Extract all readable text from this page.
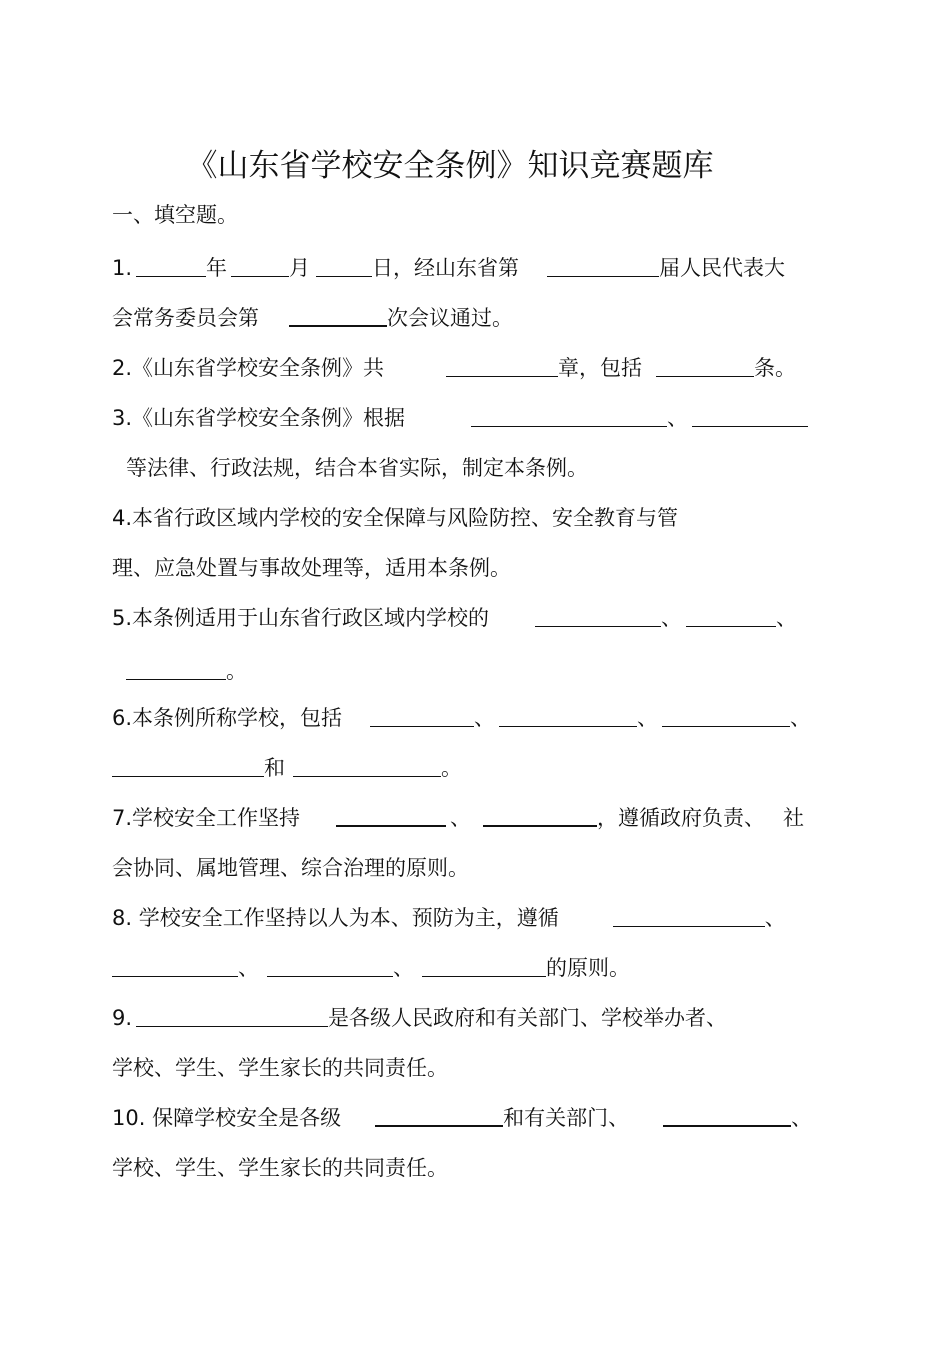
《山东省学校安全条例》知识竞赛题库
一、填空题。
1.	年	月	日，经山东省第	届人民代表大
会常务委员会第	次会议通过。
2.《山东省学校安全条例》共	章，包括	条。
3.《山东省学校安全条例》根据	、
等法律、行政法规，结合本省实际，制定本条例。
4.本省行政区域内学校的安全保障与风险防控、安全教育与管
理、应急处置与事故处理等，适用本条例。
5.本条例适用于山东省行政区域内学校的	、	、
。
6.本条例所称学校，包括	、	、	、
和	。
7.学校安全工作坚持	、	，遵循政府负责、 社
会协同、属地管理、综合治理的原则。
8. 学校安全工作坚持以人为本、预防为主，遵循	、
、	、	的原则。
9.	是各级人民政府和有关部门、学校举办者、
学校、学生、学生家长的共同责任。
10. 保障学校安全是各级	和有关部门、	、
学校、学生、学生家长的共同责任。
